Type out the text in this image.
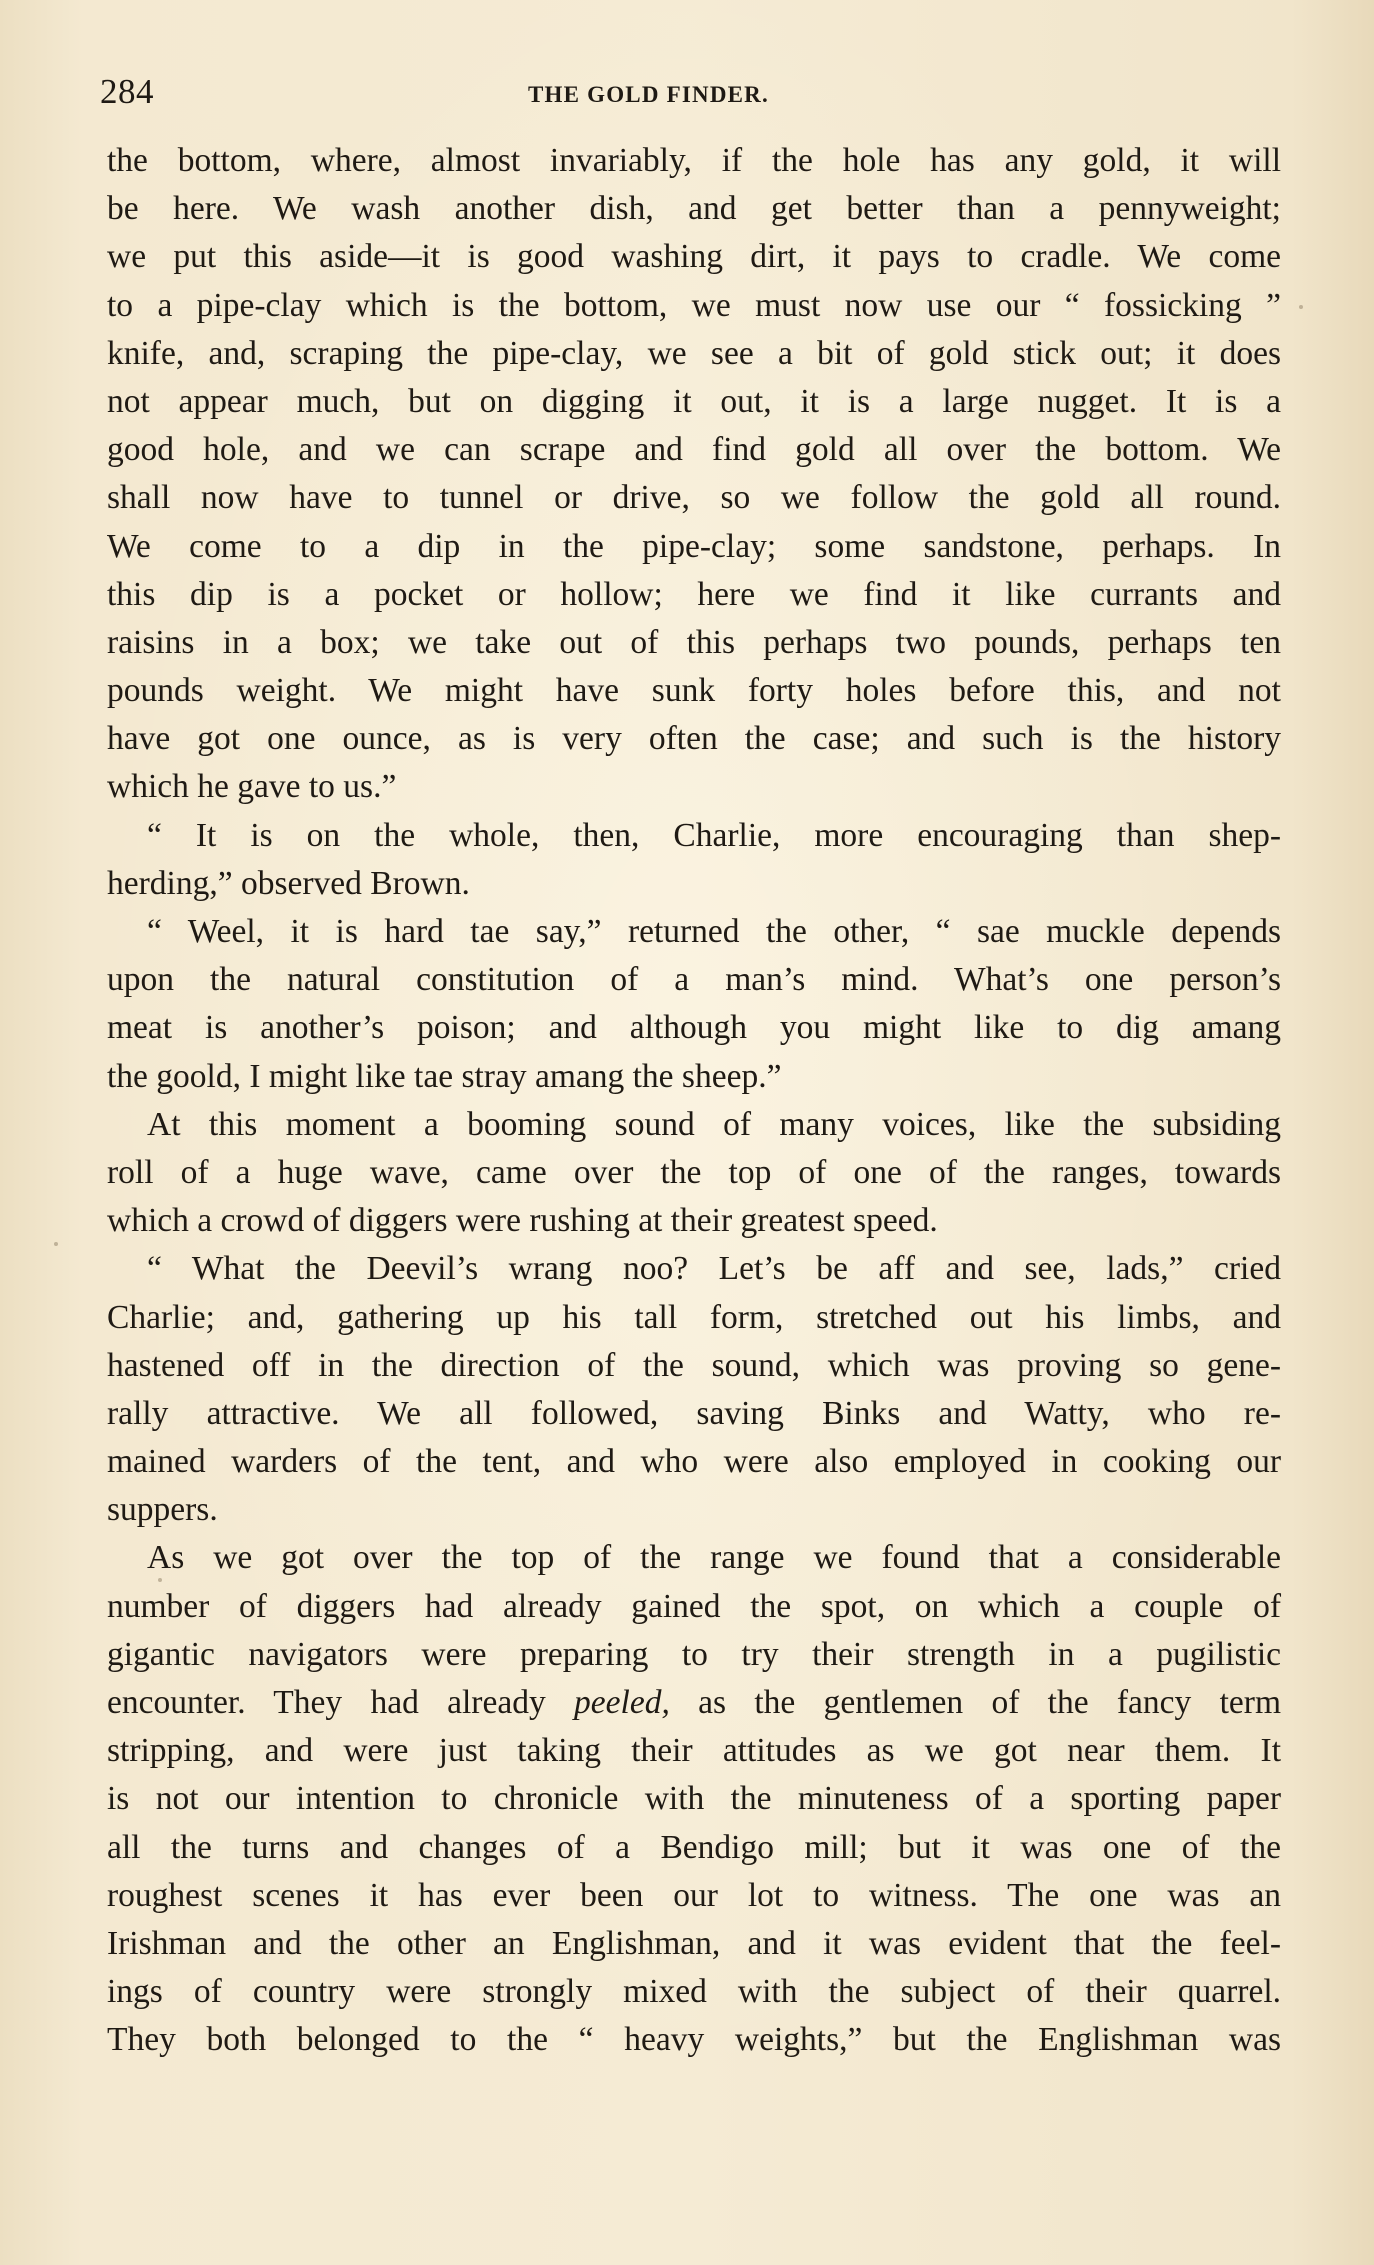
284	THE GOLD FINDER.
the bottom, where, almost invariably, if the hole has any gold, it will
be here. We wash another dish, and get better than a pennyweight;
we put this aside—it is good washing dirt, it pays to cradle. We come
to a pipe-clay which is the bottom, we must now use our “ fossicking ”
knife, and, scraping the pipe-clay, we see a bit of gold stick out; it does
not appear much, but on digging it out, it is a large nugget. It is a
good hole, and we can scrape and find gold all over the bottom. We
shall now have to tunnel or drive, so we follow the gold all round.
We come to a dip in the pipe-clay; some sandstone, perhaps. In
this dip is a pocket or hollow; here we find it like currants and
raisins in a box; we take out of this perhaps two pounds, perhaps ten
pounds weight. We might have sunk forty holes before this, and not
have got one ounce, as is very often the case; and such is the history
which he gave to us.”
“ It is on the whole, then, Charlie, more encouraging than shep-
herding,” observed Brown.
“ Weel, it is hard tae say,” returned the other, “ sae muckle depends
upon the natural constitution of a man’s mind. What’s one person’s
meat is another’s poison; and although you might like to dig amang
the goold, I might like tae stray amang the sheep.”
At this moment a booming sound of many voices, like the subsiding
roll of a huge wave, came over the top of one of the ranges, towards
which a crowd of diggers were rushing at their greatest speed.
“ What the Deevil’s wrang noo? Let’s be aff and see, lads,” cried
Charlie; and, gathering up his tall form, stretched out his limbs, and
hastened off in the direction of the sound, which was proving so gene-
rally attractive. We all followed, saving Binks and Watty, who re-
mained warders of the tent, and who were also employed in cooking our
suppers.
As we got over the top of the range we found that a considerable
number of diggers had already gained the spot, on which a couple of
gigantic navigators were preparing to try their strength in a pugilistic
encounter. They had already peeled, as the gentlemen of the fancy term
stripping, and were just taking their attitudes as we got near them. It
is not our intention to chronicle with the minuteness of a sporting paper
all the turns and changes of a Bendigo mill; but it was one of the
roughest scenes it has ever been our lot to witness. The one was an
Irishman and the other an Englishman, and it was evident that the feel-
ings of country were strongly mixed with the subject of their quarrel.
They both belonged to the “ heavy weights,” but the Englishman was
